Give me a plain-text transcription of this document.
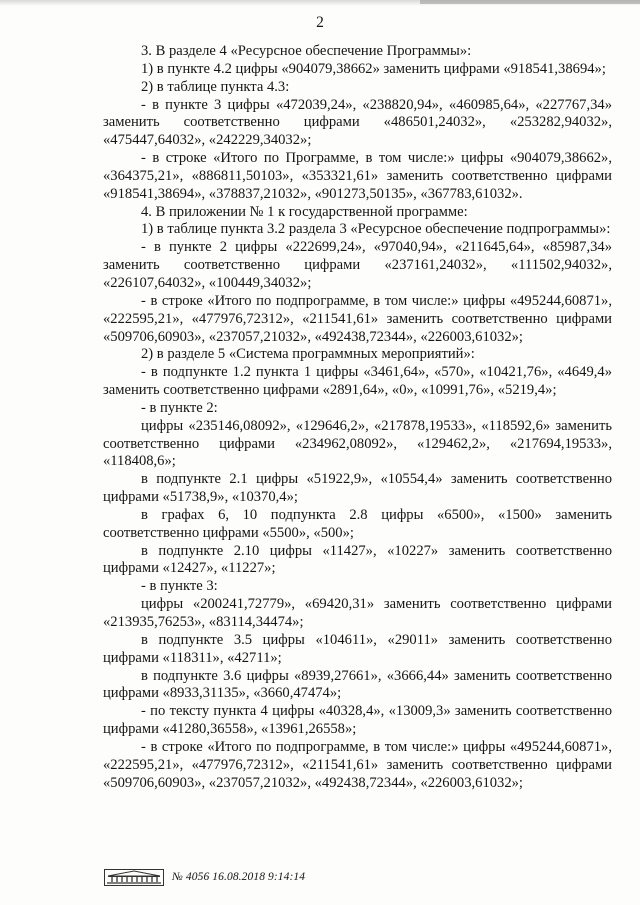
2

3. В разделе 4 «Ресурсное обеспечение Программы»:

1) в пункте 4.2 цифры «904079,38662» заменить цифрами «918541,38694»;

2) в таблице пункта 4.3:

- в пункте 3 цифры «472039,24», «238820,94», «460985,64», «227767,34» заменить соответственно цифрами «486501,24032», «253282,94032», «475447,64032», «242229,34032»;

- в строке «Итого по Программе, в том числе:» цифры «904079,38662», «364375,21», «886811,50103», «353321,61» заменить соответственно цифрами «918541,38694», «378837,21032», «901273,50135», «367783,61032».

4. В приложении № 1 к государственной программе:

1) в таблице пункта 3.2 раздела 3 «Ресурсное обеспечение подпрограммы»:

- в пункте 2 цифры «222699,24», «97040,94», «211645,64», «85987,34» заменить соответственно цифрами «237161,24032», «111502,94032», «226107,64032», «100449,34032»;

- в строке «Итого по подпрограмме, в том числе:» цифры «495244,60871», «222595,21», «477976,72312», «211541,61» заменить соответственно цифрами «509706,60903», «237057,21032», «492438,72344», «226003,61032»;

2) в разделе 5 «Система программных мероприятий»:

- в подпункте 1.2 пункта 1 цифры «3461,64», «570», «10421,76», «4649,4» заменить соответственно цифрами «2891,64», «0», «10991,76», «5219,4»;

- в пункте 2:

цифры «235146,08092», «129646,2», «217878,19533», «118592,6» заменить соответственно цифрами «234962,08092», «129462,2», «217694,19533», «118408,6»;

в подпункте 2.1 цифры «51922,9», «10554,4» заменить соответственно цифрами «51738,9», «10370,4»;

в графах 6, 10 подпункта 2.8 цифры «6500», «1500» заменить соответственно цифрами «5500», «500»;

в подпункте 2.10 цифры «11427», «10227» заменить соответственно цифрами «12427», «11227»;

- в пункте 3:

цифры «200241,72779», «69420,31» заменить соответственно цифрами «213935,76253», «83114,34474»;

в подпункте 3.5 цифры «104611», «29011» заменить соответственно цифрами «118311», «42711»;

в подпункте 3.6 цифры «8939,27661», «3666,44» заменить соответственно цифрами «8933,31135», «3660,47474»;

- по тексту пункта 4 цифры «40328,4», «13009,3» заменить соответственно цифрами «41280,36558», «13961,26558»;

- в строке «Итого по подпрограмме, в том числе:» цифры «495244,60871», «222595,21», «477976,72312», «211541,61» заменить соответственно цифрами «509706,60903», «237057,21032», «492438,72344», «226003,61032»;

№ 4056 16.08.2018 9:14:14
